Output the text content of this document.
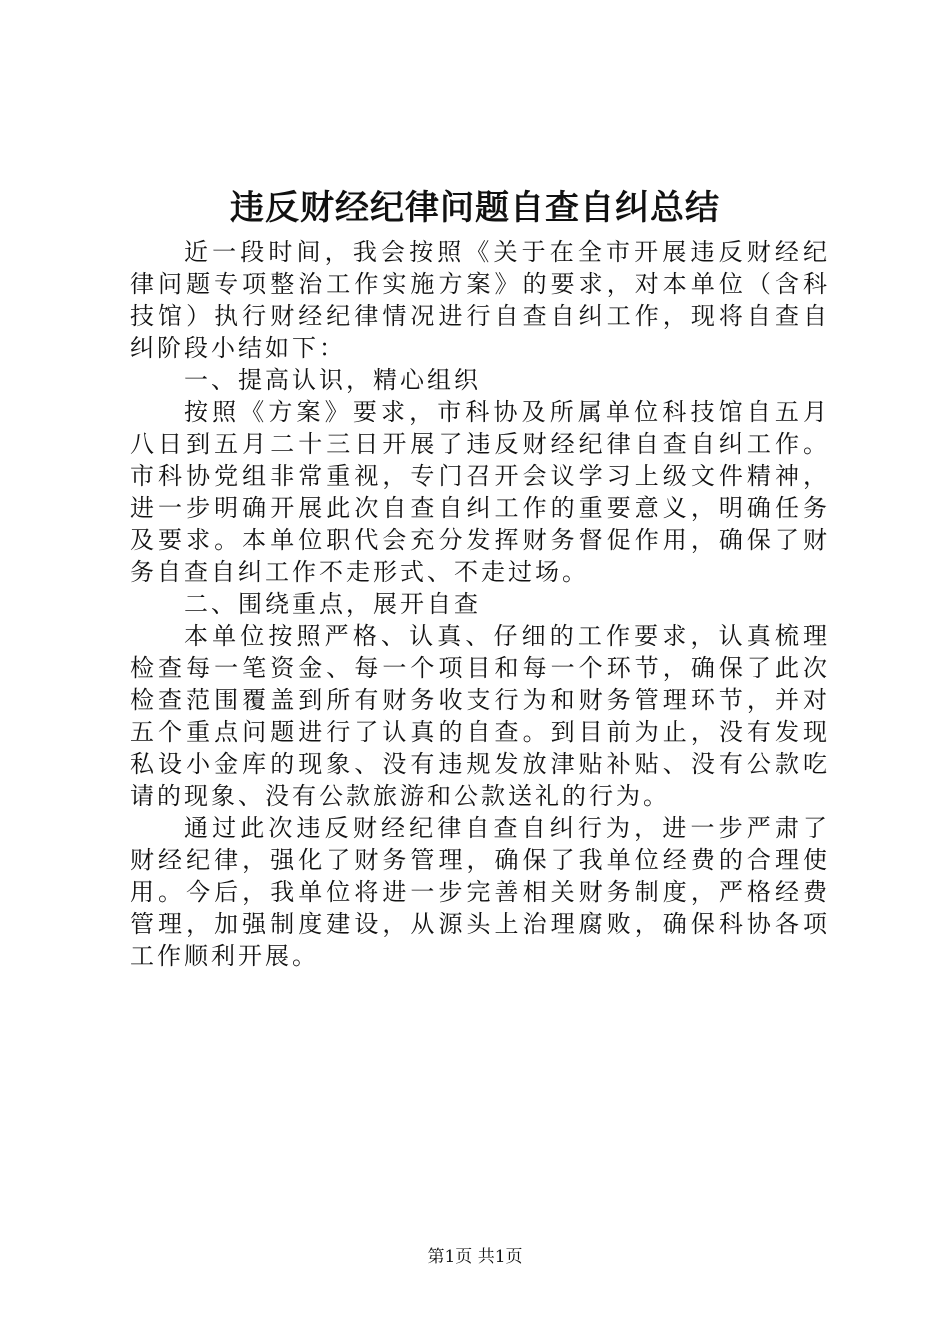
违反财经纪律问题自查自纠总结

近一段时间，我会按照《关于在全市开展违反财经纪律问题专项整治工作实施方案》的要求，对本单位（含科技馆）执行财经纪律情况进行自查自纠工作，现将自查自纠阶段小结如下：

一、提高认识，精心组织

按照《方案》要求，市科协及所属单位科技馆自五月八日到五月二十三日开展了违反财经纪律自查自纠工作。市科协党组非常重视，专门召开会议学习上级文件精神，进一步明确开展此次自查自纠工作的重要意义，明确任务及要求。本单位职代会充分发挥财务督促作用，确保了财务自查自纠工作不走形式、不走过场。

二、围绕重点，展开自查

本单位按照严格、认真、仔细的工作要求，认真梳理检查每一笔资金、每一个项目和每一个环节，确保了此次检查范围覆盖到所有财务收支行为和财务管理环节，并对五个重点问题进行了认真的自查。到目前为止，没有发现私设小金库的现象、没有违规发放津贴补贴、没有公款吃请的现象、没有公款旅游和公款送礼的行为。

通过此次违反财经纪律自查自纠行为，进一步严肃了财经纪律，强化了财务管理，确保了我单位经费的合理使用。今后，我单位将进一步完善相关财务制度，严格经费管理，加强制度建设，从源头上治理腐败，确保科协各项工作顺利开展。

第1页 共1页
